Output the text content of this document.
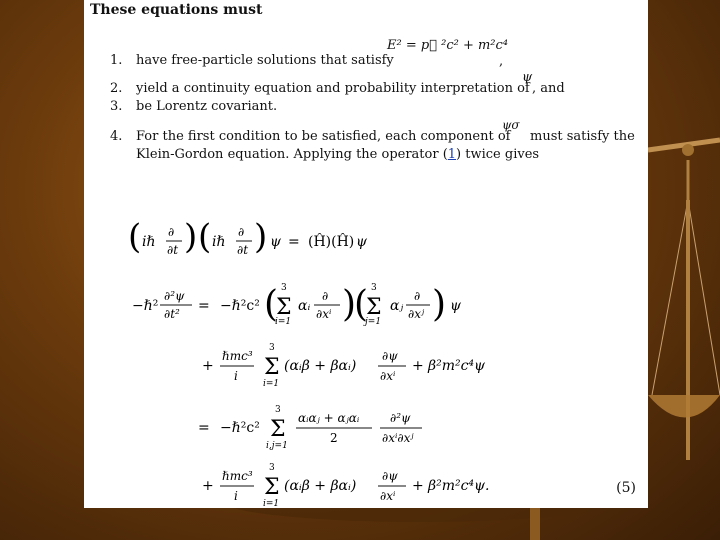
These equations must
1. have free-particle solutions that satisfy
E² = p⃗ ²c² + m²c⁴
,
2. yield a continuity equation and probability interpretation of
ψ
, and
3. be Lorentz covariant.
4. For the first condition to be satisfied, each component of
ψσ
must satisfy the
Klein-Gordon equation. Applying the operator (1) twice gives
( iℏ
∂
∂t ) ( iℏ
∂
∂t ) ψ = (Ĥ)(Ĥ) ψ
−ℏ²
∂²ψ
∂t² = −ℏ²c² (
Σ
3
i=1
αᵢ
∂
∂xⁱ )
(
Σ
3
j=1
αⱼ
∂
∂xʲ ) ψ
+
ℏmc³
i Σ
3
i=1
(αᵢβ + βαᵢ)
∂ψ
∂xⁱ
+ β²m²c⁴ψ
= −ℏ²c² Σ
3
i,j=1
αᵢαⱼ + αⱼαᵢ
2
∂²ψ
∂xⁱ∂xʲ
+
ℏmc³
i Σ
3
i=1
(αᵢβ + βαᵢ)
∂ψ
∂xⁱ
+ β²m²c⁴ψ.	(5)
